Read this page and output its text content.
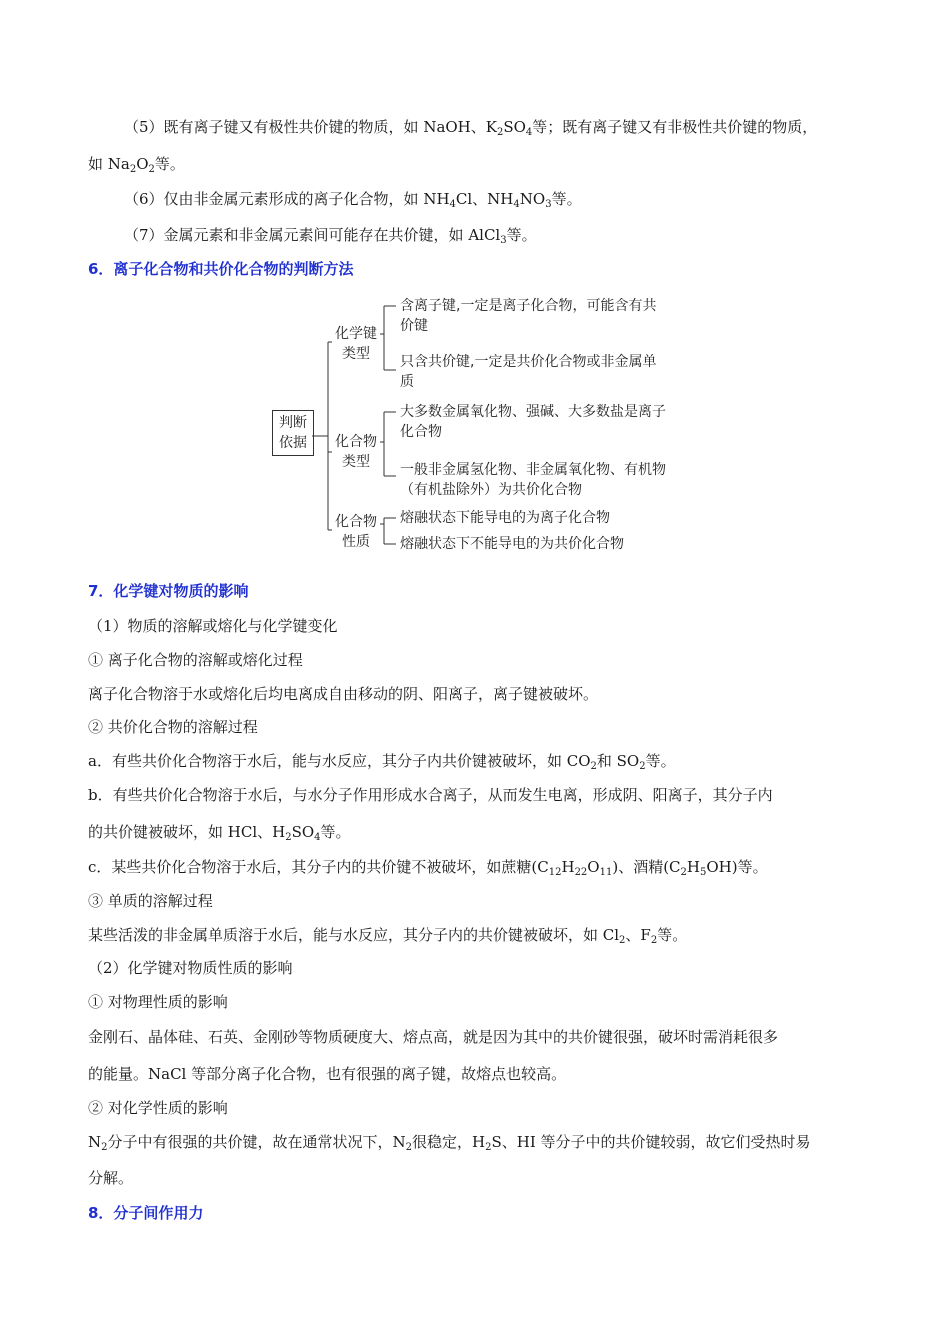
（5）既有离子键又有极性共价键的物质，如 NaOH、$K_2SO_4$等；既有离子键又有非极性共价键的物质，
如 $Na_2O_2$等。
（6）仅由非金属元素形成的离子化合物，如 $NH_4Cl$、$NH_4NO_3$等。
（7）金属元素和非金属元素间可能存在共价键，如 AlCl$_3$等。
6．离子化合物和共价化合物的判断方法
判断
依据
化学键
类型
含离子键,一定是离子化合物，可能含有共
价键
只含共价键,一定是共价化合物或非金属单
质
化合物
类型
大多数金属氧化物、强碱、大多数盐是离子
化合物
一般非金属氢化物、非金属氧化物、有机物
（有机盐除外）为共价化合物
化合物
性质
熔融状态下能导电的为离子化合物
熔融状态下不能导电的为共价化合物
7．化学键对物质的影响
（1）物质的溶解或熔化与化学键变化
① 离子化合物的溶解或熔化过程
离子化合物溶于水或熔化后均电离成自由移动的阴、阳离子，离子键被破坏。
② 共价化合物的溶解过程
a．有些共价化合物溶于水后，能与水反应，其分子内共价键被破坏，如 $CO_2$和 $SO_2$等。
b．有些共价化合物溶于水后，与水分子作用形成水合离子，从而发生电离，形成阴、阳离子，其分子内
的共价键被破坏，如 HCl、$H_2SO_4$等。
c．某些共价化合物溶于水后，其分子内的共价键不被破坏，如蔗糖$(C_{12}H_{22}O_{11})$、酒精$(C_2H_5OH)$等。
③ 单质的溶解过程
某些活泼的非金属单质溶于水后，能与水反应，其分子内的共价键被破坏，如 $Cl_2$、$F_2$等。
（2）化学键对物质性质的影响
① 对物理性质的影响
金刚石、晶体硅、石英、金刚砂等物质硬度大、熔点高，就是因为其中的共价键很强，破坏时需消耗很多
的能量。NaCl 等部分离子化合物，也有很强的离子键，故熔点也较高。
② 对化学性质的影响
$N_2$分子中有很强的共价键，故在通常状况下，$N_2$很稳定，$H_2S$、HI 等分子中的共价键较弱，故它们受热时易
分解。
8．分子间作用力
